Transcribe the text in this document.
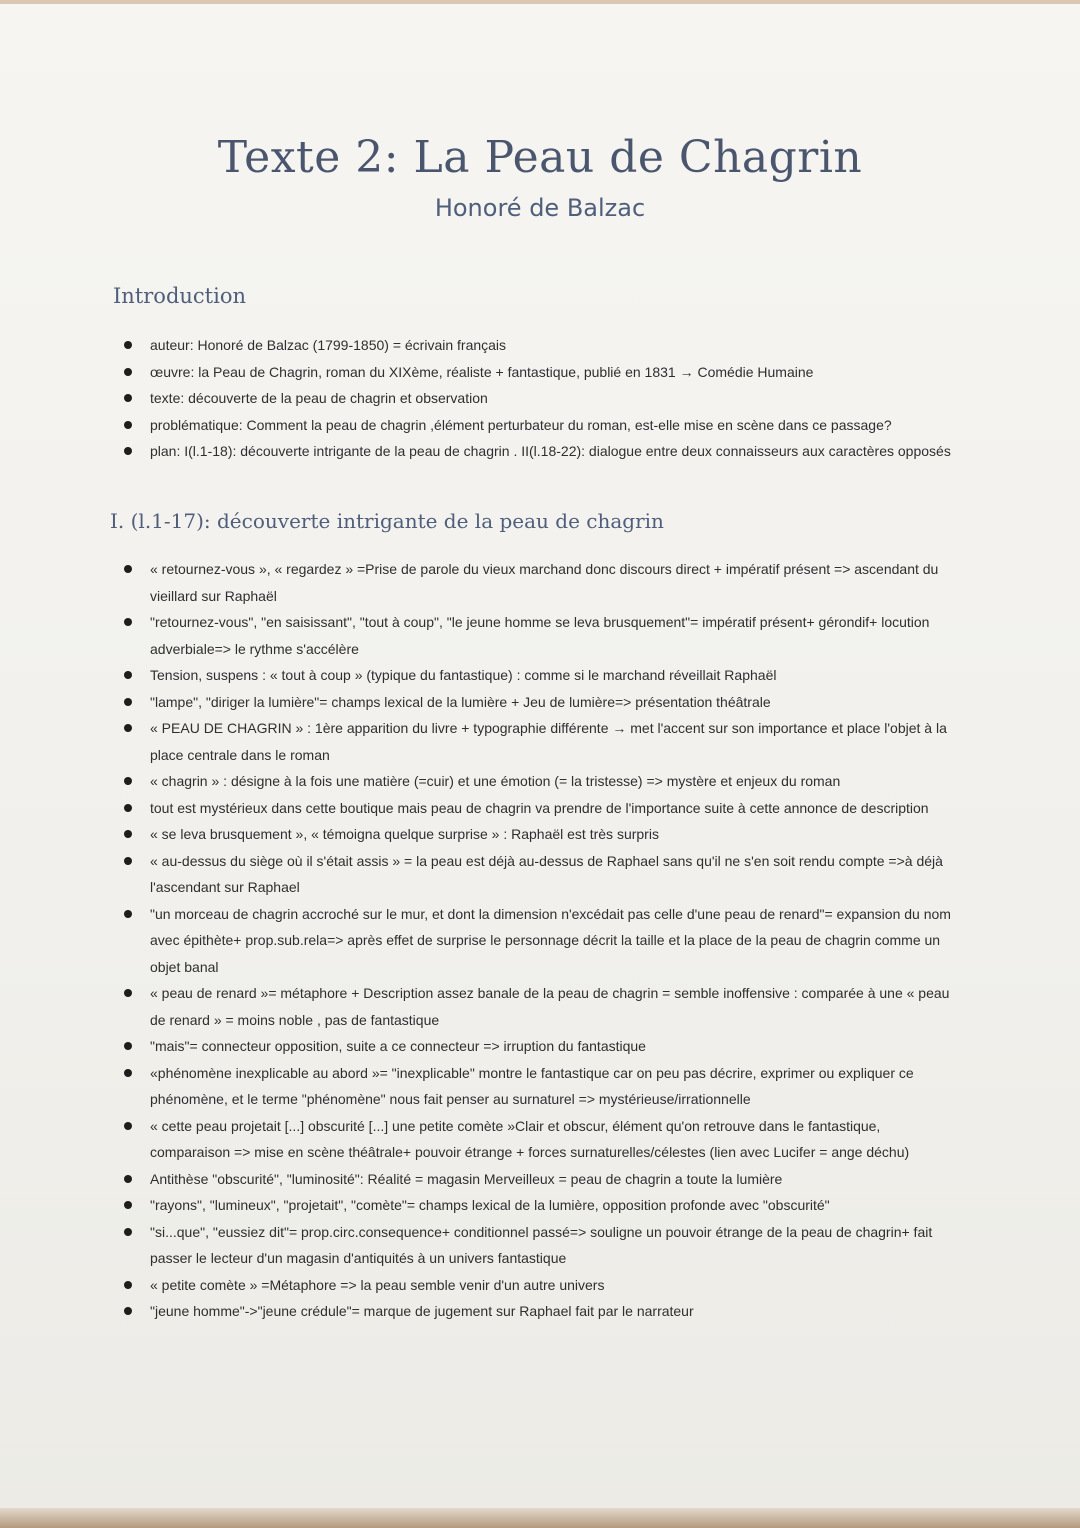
Texte 2: La Peau de Chagrin
Honoré de Balzac
Introduction
auteur: Honoré de Balzac (1799-1850) = écrivain français
œuvre: la Peau de Chagrin, roman du XIXème, réaliste + fantastique, publié en 1831 → Comédie Humaine
texte: découverte de la peau de chagrin et observation
problématique: Comment la peau de chagrin ,élément perturbateur du roman, est-elle mise en scène dans ce passage?
plan: I(l.1-18): découverte intrigante de la peau de chagrin . II(l.18-22): dialogue entre deux connaisseurs aux caractères opposés
I. (l.1-17): découverte intrigante de la peau de chagrin
« retournez-vous », « regardez » =Prise de parole du vieux marchand donc discours direct + impératif présent => ascendant du vieillard sur Raphaël
"retournez-vous", "en saisissant", "tout à coup", "le jeune homme se leva brusquement"= impératif présent+ gérondif+ locution adverbiale=> le rythme s'accélère
Tension, suspens : « tout à coup » (typique du fantastique) : comme si le marchand réveillait Raphaël
"lampe", "diriger la lumière"= champs lexical de la lumière + Jeu de lumière=> présentation théâtrale
« PEAU DE CHAGRIN » : 1ère apparition du livre + typographie différente → met l'accent sur son importance et place l'objet à la place centrale dans le roman
« chagrin » : désigne à la fois une matière (=cuir) et une émotion (= la tristesse) => mystère et enjeux du roman
tout est mystérieux dans cette boutique mais peau de chagrin va prendre de l'importance suite à cette annonce de description
« se leva brusquement », « témoigna quelque surprise » : Raphaël est très surpris
« au-dessus du siège où il s'était assis » = la peau est déjà au-dessus de Raphael sans qu'il ne s'en soit rendu compte =>à déjà l'ascendant sur Raphael
"un morceau de chagrin accroché sur le mur, et dont la dimension n'excédait pas celle d'une peau de renard"= expansion du nom avec épithète+ prop.sub.rela=> après effet de surprise le personnage décrit la taille et la place de la peau de chagrin comme un objet banal
« peau de renard »= métaphore + Description assez banale de la peau de chagrin = semble inoffensive : comparée à une « peau de renard » = moins noble , pas de fantastique
"mais"= connecteur opposition, suite a ce connecteur => irruption du fantastique
«phénomène inexplicable au abord »= "inexplicable" montre le fantastique car on peu pas décrire, exprimer ou expliquer ce phénomène, et le terme "phénomène" nous fait penser au surnaturel => mystérieuse/irrationnelle
« cette peau projetait [...] obscurité [...] une petite comète »Clair et obscur, élément qu'on retrouve dans le fantastique, comparaison => mise en scène théâtrale+ pouvoir étrange + forces surnaturelles/célestes (lien avec Lucifer = ange déchu)
Antithèse "obscurité", "luminosité": Réalité = magasin Merveilleux = peau de chagrin a toute la lumière
"rayons", "lumineux", "projetait", "comète"= champs lexical de la lumière, opposition profonde avec "obscurité"
"si...que", "eussiez dit"= prop.circ.consequence+ conditionnel passé=> souligne un pouvoir étrange de la peau de chagrin+ fait passer le lecteur d'un magasin d'antiquités à un univers fantastique
« petite comète » =Métaphore => la peau semble venir d'un autre univers
"jeune homme"->"jeune crédule"= marque de jugement sur Raphael fait par le narrateur
